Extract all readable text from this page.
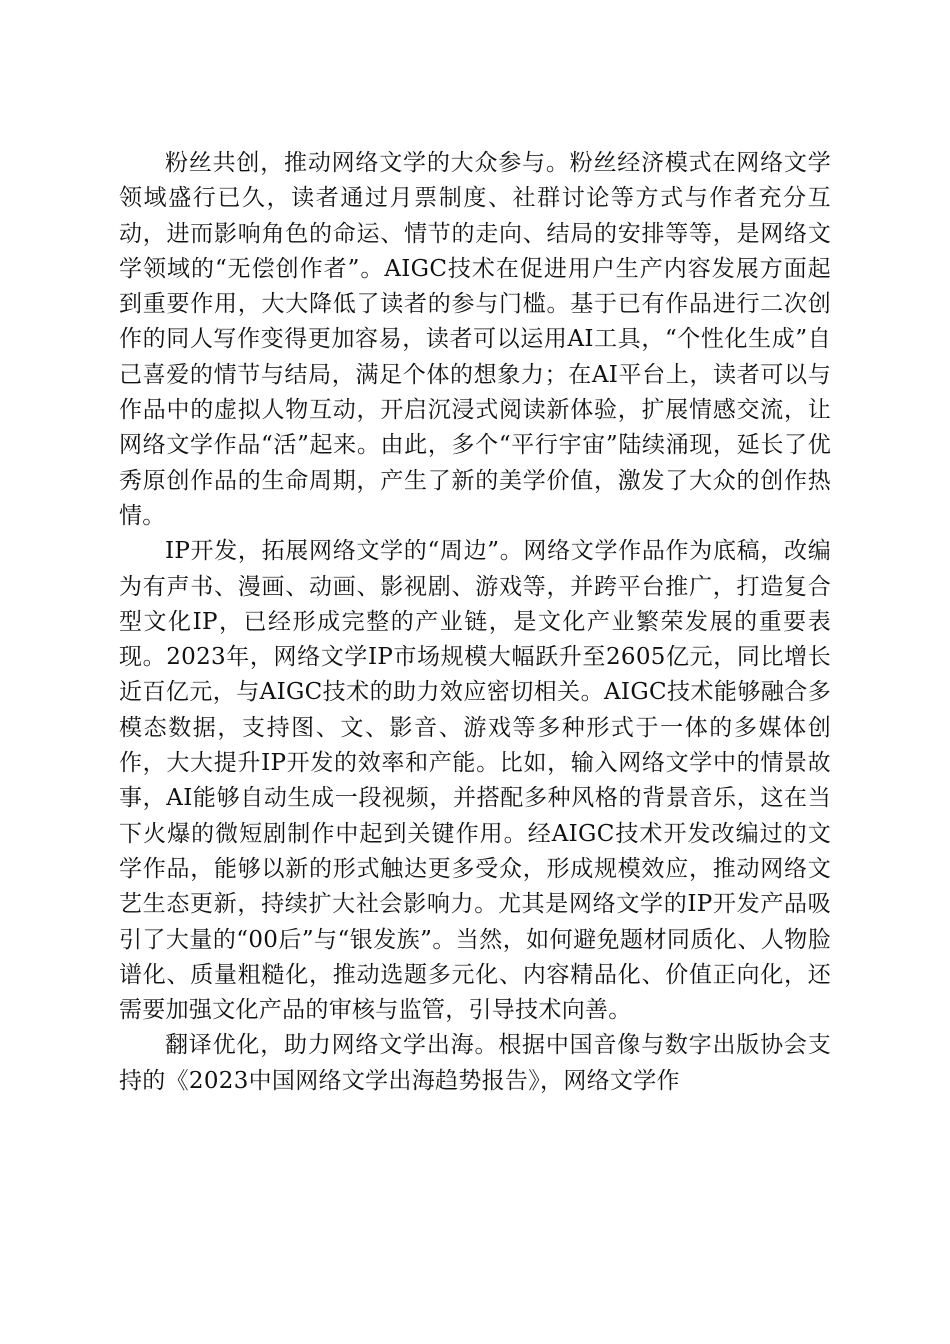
粉丝共创，推动网络文学的大众参与。粉丝经济模式在网络文学领域盛行已久，读者通过月票制度、社群讨论等方式与作者充分互动，进而影响角色的命运、情节的走向、结局的安排等等，是网络文学领域的“无偿创作者”。AIGC技术在促进用户生产内容发展方面起到重要作用，大大降低了读者的参与门槛。基于已有作品进行二次创作的同人写作变得更加容易，读者可以运用AI工具，“个性化生成”自己喜爱的情节与结局，满足个体的想象力；在AI平台上，读者可以与作品中的虚拟人物互动，开启沉浸式阅读新体验，扩展情感交流，让网络文学作品“活”起来。由此，多个“平行宇宙”陆续涌现，延长了优秀原创作品的生命周期，产生了新的美学价值，激发了大众的创作热情。

IP开发，拓展网络文学的“周边”。网络文学作品作为底稿，改编为有声书、漫画、动画、影视剧、游戏等，并跨平台推广，打造复合型文化IP，已经形成完整的产业链，是文化产业繁荣发展的重要表现。2023年，网络文学IP市场规模大幅跃升至2605亿元，同比增长近百亿元，与AIGC技术的助力效应密切相关。AIGC技术能够融合多模态数据，支持图、文、影音、游戏等多种形式于一体的多媒体创作，大大提升IP开发的效率和产能。比如，输入网络文学中的情景故事，AI能够自动生成一段视频，并搭配多种风格的背景音乐，这在当下火爆的微短剧制作中起到关键作用。经AIGC技术开发改编过的文学作品，能够以新的形式触达更多受众，形成规模效应，推动网络文艺生态更新，持续扩大社会影响力。尤其是网络文学的IP开发产品吸引了大量的“00后”与“银发族”。当然，如何避免题材同质化、人物脸谱化、质量粗糙化，推动选题多元化、内容精品化、价值正向化，还需要加强文化产品的审核与监管，引导技术向善。

翻译优化，助力网络文学出海。根据中国音像与数字出版协会支持的《2023中国网络文学出海趋势报告》，网络文学作
